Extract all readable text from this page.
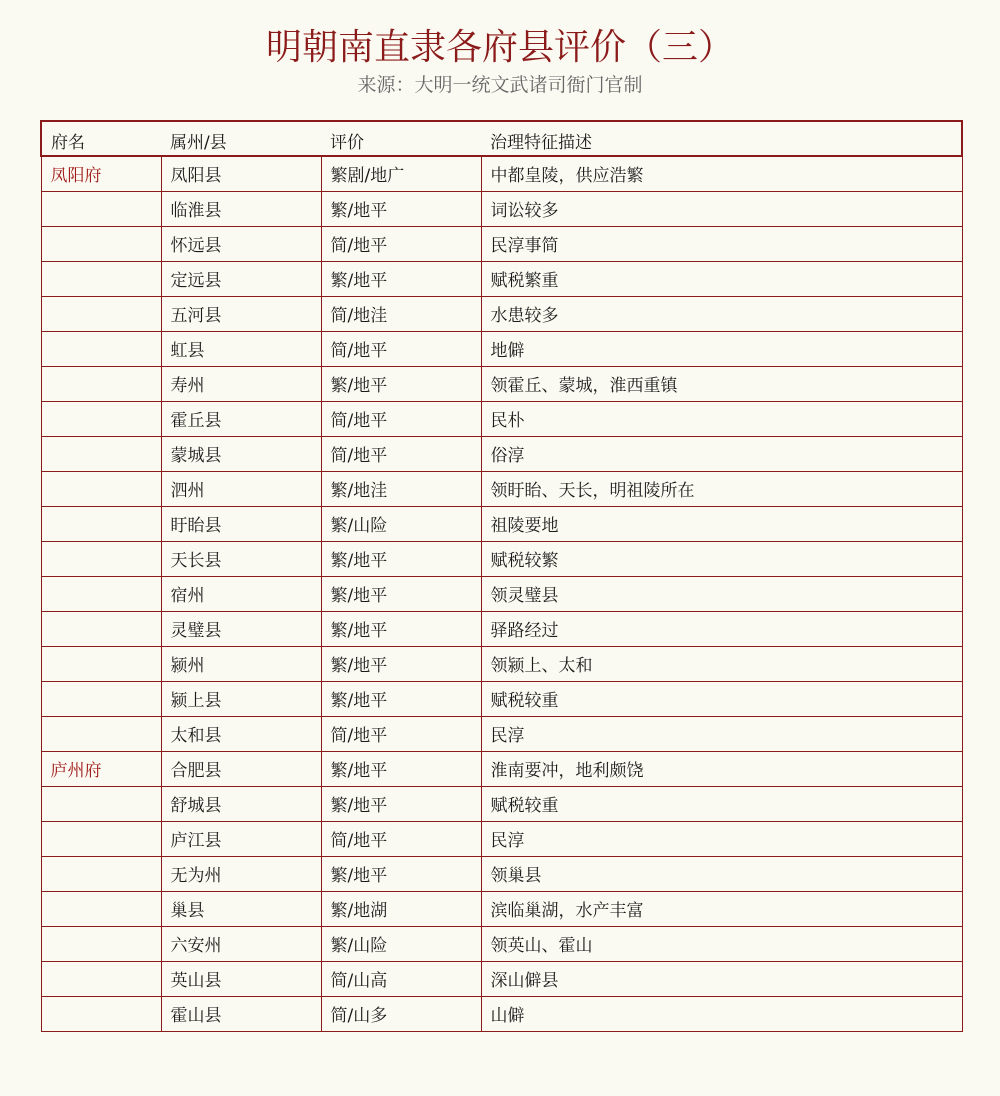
明朝南直隶各府县评价（三）
来源：大明一统文武诸司衙门官制
府名	属州/县	评价	治理特征描述
凤阳府	凤阳县	繁剧/地广	中都皇陵，供应浩繁
	临淮县	繁/地平	词讼较多
	怀远县	简/地平	民淳事简
	定远县	繁/地平	赋税繁重
	五河县	简/地洼	水患较多
	虹县	简/地平	地僻
	寿州	繁/地平	领霍丘、蒙城，淮西重镇
	霍丘县	简/地平	民朴
	蒙城县	简/地平	俗淳
	泗州	繁/地洼	领盱眙、天长，明祖陵所在
	盱眙县	繁/山险	祖陵要地
	天长县	繁/地平	赋税较繁
	宿州	繁/地平	领灵璧县
	灵璧县	繁/地平	驿路经过
	颍州	繁/地平	领颍上、太和
	颍上县	繁/地平	赋税较重
	太和县	简/地平	民淳
庐州府	合肥县	繁/地平	淮南要冲，地利颇饶
	舒城县	繁/地平	赋税较重
	庐江县	简/地平	民淳
	无为州	繁/地平	领巢县
	巢县	繁/地湖	滨临巢湖，水产丰富
	六安州	繁/山险	领英山、霍山
	英山县	简/山高	深山僻县
	霍山县	简/山多	山僻
